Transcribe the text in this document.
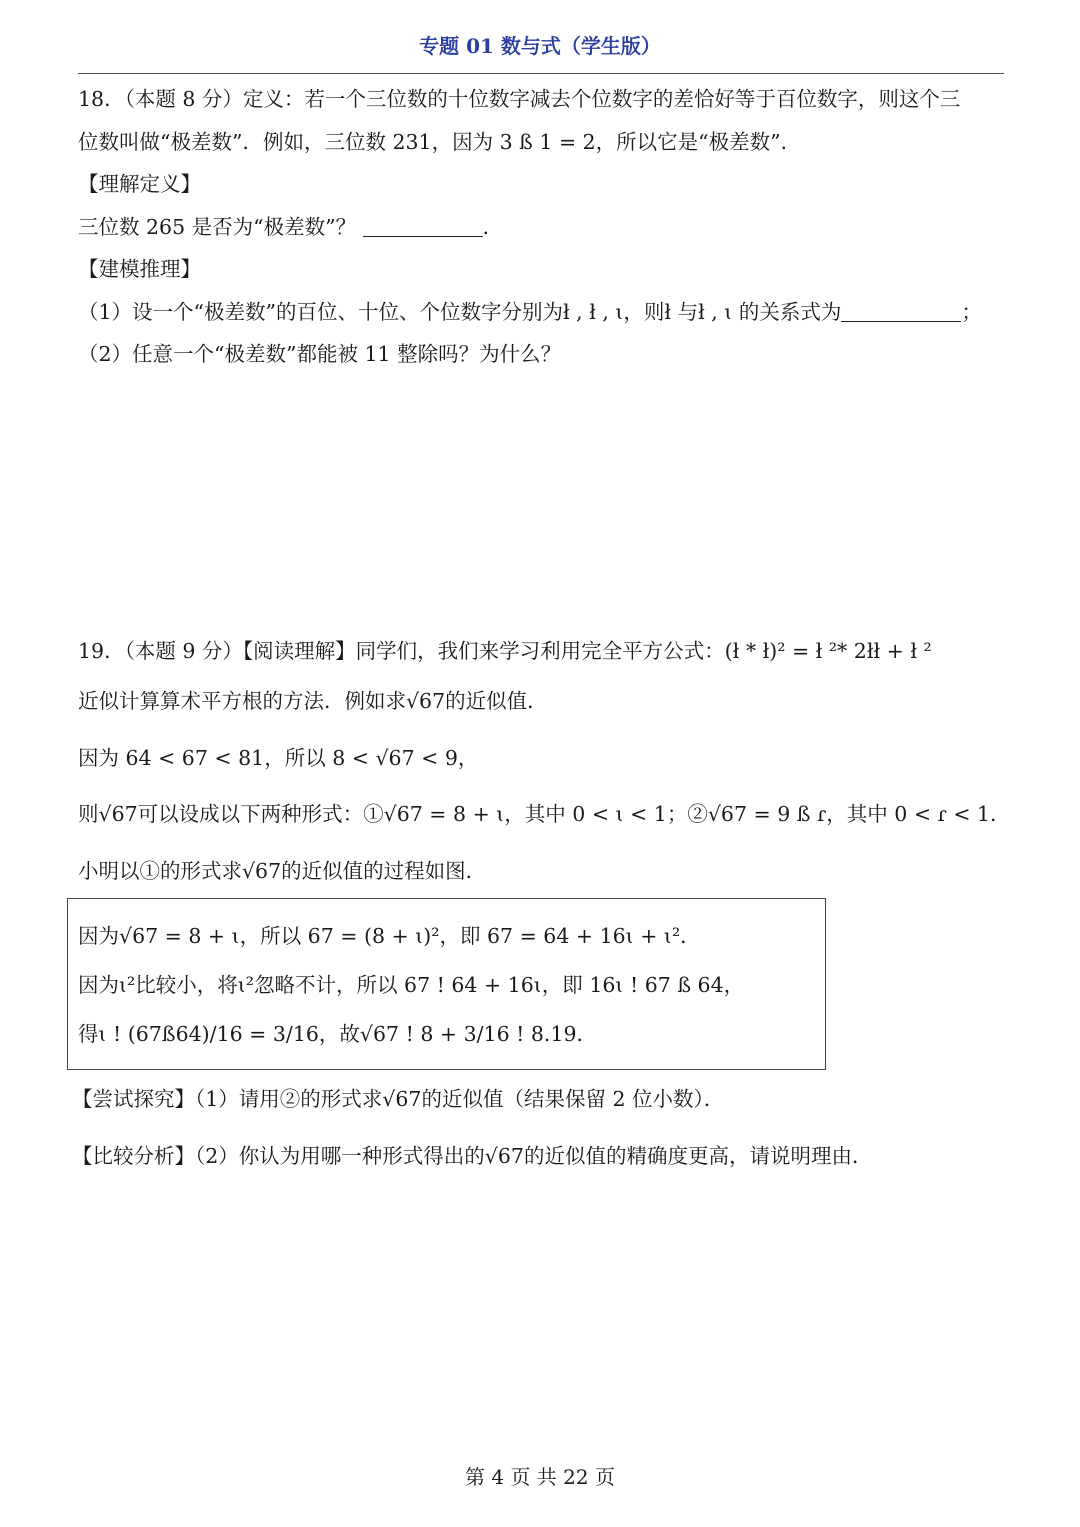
专题 01 数与式（学生版）
18．（本题 8 分）定义：若一个三位数的十位数字减去个位数字的差恰好等于百位数字，则这个三
位数叫做“极差数”．例如，三位数 231，因为 3 ß 1 = 2，所以它是“极差数”．
【理解定义】
三位数 265 是否为“极差数”？	．
【建模推理】
（1）设一个“极差数”的百位、十位、个位数字分别为ł , ł , ɩ，则ł 与ł , ɩ 的关系式为	；
（2）任意一个“极差数”都能被 11 整除吗？为什么？
19．（本题 9 分）【阅读理解】同学们，我们来学习利用完全平方公式：(ł * ł)² = ł ²* 2łł + ł ²
近似计算算术平方根的方法．例如求√67的近似值．
因为 64 < 67 < 81，所以 8 < √67 < 9，
则√67可以设成以下两种形式：①√67 = 8 + ɩ，其中 0 < ɩ < 1；②√67 = 9 ß ɾ，其中 0 < ɾ < 1．
小明以①的形式求√67的近似值的过程如图．
因为√67 = 8 + ɩ，所以 67 = (8 + ɩ)²，即 67 = 64 + 16ɩ + ɩ²．
因为ɩ²比较小，将ɩ²忽略不计，所以 67 ! 64 + 16ɩ，即 16ɩ ! 67 ß 64，
得ɩ ! (67ß64)/16 = 3/16，故√67 ! 8 + 3/16 ! 8.19．
【尝试探究】（1）请用②的形式求√67的近似值（结果保留 2 位小数）．
【比较分析】（2）你认为用哪一种形式得出的√67的近似值的精确度更高，请说明理由．
第 4 页 共 22 页
